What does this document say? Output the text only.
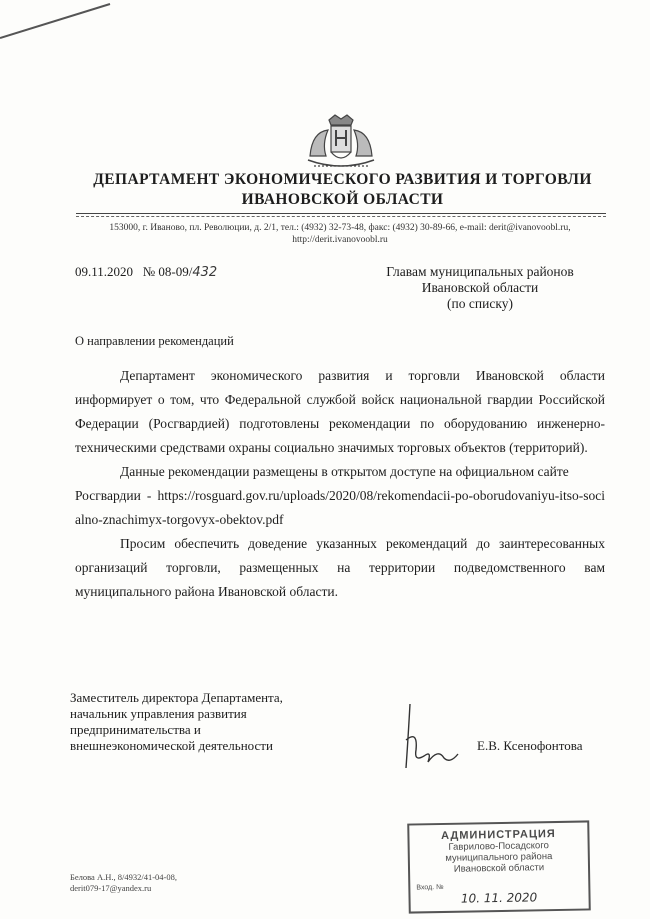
ДЕПАРТАМЕНТ ЭКОНОМИЧЕСКОГО РАЗВИТИЯ И ТОРГОВЛИ
ИВАНОВСКОЙ ОБЛАСТИ
153000, г. Иваново, пл. Революции, д. 2/1, тел.: (4932) 32-73-48, факс: (4932) 30-89-66, e-mail: derit@ivanovoobl.ru,
http://derit.ivanovoobl.ru
09.11.2020 № 08-09/432	Главам муниципальных районов
Ивановской области
(по списку)
О направлении рекомендаций

Департамент экономического развития и торговли Ивановской области информирует о том, что Федеральной службой войск национальной гвардии Российской Федерации (Росгвардией) подготовлены рекомендации по оборудованию инженерно-техническими средствами охраны социально значимых торговых объектов (территорий).

Данные рекомендации размещены в открытом доступе на официальном сайте

Росгвардии - https://rosguard.gov.ru/uploads/2020/08/rekomendacii-po-oborudovaniyu-itso-socialno-znachimyx-torgovyx-obektov.pdf

Просим обеспечить доведение указанных рекомендаций до заинтересованных организаций торговли, размещенных на территории подведомственного вам муниципального района Ивановской области.

Заместитель директора Департамента,
начальник управления развития
предпринимательства и
внешнеэкономической деятельности	Е.В. Ксенофонтова
АДМИНИСТРАЦИЯ
Гаврилово-Посадского
муниципального района
Ивановской области
Вход. №
10. 11. 2020
Белова А.Н., 8/4932/41-04-08,
derit079-17@yandex.ru
